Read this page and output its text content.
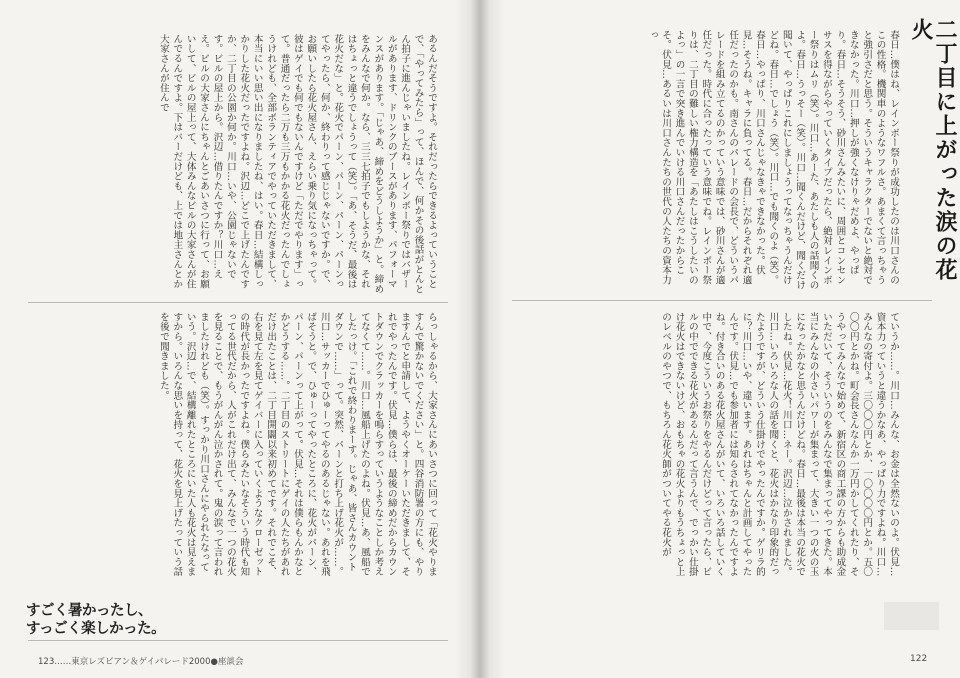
二丁目に上がった涙の花火

春日…僕はね、レインボー祭りが成功したのは川口さんのこの性格。機関車のようなワフルさ。あまくて言っちゃうと強引さだと思う。そういうキャラクターでないと絶対できなかった。川口…押しが強くなけりゃだめよ、やっぱり。春日…そうそう、砂川さんみたいに、周囲とコンセンサスを得ながらやっていくタイプだったら、絶対レインボー祭りはムリ（笑）。川口…あーた、あたしも人の話聞くのよ。春日…うっそー（笑）。川口…聞くんだけど、聞くだけ聞いて、やっぱりこれにしましょうってなっちゃうんだけどね。春日…でしょう（笑）。川口…でも聞くのよ（笑）。春日…やっぱり、川口さんじゃなきゃできなかった。伏見…そうね。キャラに負ってる。春日…だからそれぞれ適任だったのかも。南さんのパレードの会長で、どういうパレードを組み立てるのかっていう意味では、砂川さんが適任だった。時代に合ったっていう意味でね。レインボー祭りは、二丁目の難しい権力構造を「あたしはこうしたいのよっ」の一言で突き進んでいける川口さんだったからこそ。伏見…あるいは川口さんたちの世代の人たちの資本力っ

ていうか……。川口…みんな、お金は全然ないのよ。伏見…資本力っていうと違うかなあ、やっぱり力ですよね。川口…みんなの寄付よ。三〇〇〇円とか、一〇〇〇〇円とか。五〇〇〇円とかね。町会長さんなんか一万円かしてくれたり、そうやってみんなで始めて、新宿区の商工課の方からも助成金いただいて、そういうのをみんなで集まってやってきた。本当にみんなの小さいパワーが集まって、大きい一つの火の玉になったかなと思うんだけどね。春日…最後は本当の花火でしたね。伏見…花火！川口…ネー。沢辺…泣かされました。川口…いろいろな人の話を聞くと、花火はかなり印象的だったようですが、どういう仕掛けでやったんですか。ゲリラ的に？川口…いや、違います。あれはちゃんと計画してやったんです。伏見…でも参加者には知らされてなかったんですよね。付き合いのある花火屋さんがいて、いろいろ話していく中で、今度こういうお祭りをやるんだけどって言ったら、ビルの中でできる花火があるんだって言うんで、でっかい仕掛け花火はできないけど、おもちゃの花火よりもうちょっと上のレベルのやつで、もちろん花火師がついてやる花火が

122

あるんだそうですよ。それだったらできるよっていうことで、「やってみたら」って、ほんで、何かその後話がとんとん拍子に進んじゃいましたね。レインボー祭りではバザールがあります、ドリンクのブースがあります、パフォーマンスがあります。「じゃあ、締めをどうしようか」と。締めをみんなで何か。なら、三三七拍子でもしようかな、それはちょっと違うでしょうって（笑）。「あ、そうだ、最後は花火だな」と。花火でパーン、パーン、パーン、パーンってやったら、何か、終わりって感じじゃないですか。で、お願いしたら花火屋さん、えらい乗り気になっちゃって。彼はゲイでも何でもないんですけど「ただでやります」って。普通だったら二万も三万もかかる花火だったんでしょうけれども、全部ボランティアでやっていただきまして、本当にいい思い出になりましたね、はい。春日…結構しっかりした花火だったですよね。沢辺…どこで上げたんですか、二丁目の公園か何か。川口…いや、公園じゃないです。ビルの屋上から。沢辺…借りたんですか？川口…ええ。ビルの大家さんにちゃんとごあいさつに行って、お願いして、ビルの屋上って、大体みんなビルの大家さんが住んでるんですよ。下はバーだけども、上では地主さんとか大家さんが住んで

らっしゃるから、大家さんにあいさつに回って「花火やりますんで驚かないでください」と。四谷消防署の方にも、やりますんでと申請して、ようやくオーケーいただきまして、それでやったんです。伏見…僕らは、最後の締めだからカウントダウンでクラッカーを鳴らすっていうようなことしか考えてなくて……。川口…風船上げたのよね。伏見…あ、風船でしたっけ。「これで終わりまーす。じゃあ、皆さんカウントダウンで……」って。突然、パーンと打ち上げ花火が……。川口…サッカーでひゅーってやるのあるじゃない。あれを飛ばそうと。で、ひゅーってやったところに、花火がパーン、パーン、パーンって上がって。伏見…それは僕らもんかなとかどうする……。二丁目のストリートにゲイの人たちがあれだけ出たことは、二丁目開闢以来初めてです。それでこそ、右を見て左を見てゲイバーに入っていくようなクローゼットの時代が長かったですよね。僕らみたいなそういう時代も知ってる世代だから、人がこれだけ出て、みんなで一つの花火を見ることで、もうがんがん泣かされて。鬼の涙って言われましたけれども（笑）。すっかり川口さんにやられたなっていう。沢辺…で、結構離れたところにいた人も花火は見えますから。いろんな思いを持って、花火を見上げたっていう話を後で聞きました。

すごく暑かったし、
すっごく楽しかった。
123……東京レズビアン＆ゲイパレード2000●座談会
